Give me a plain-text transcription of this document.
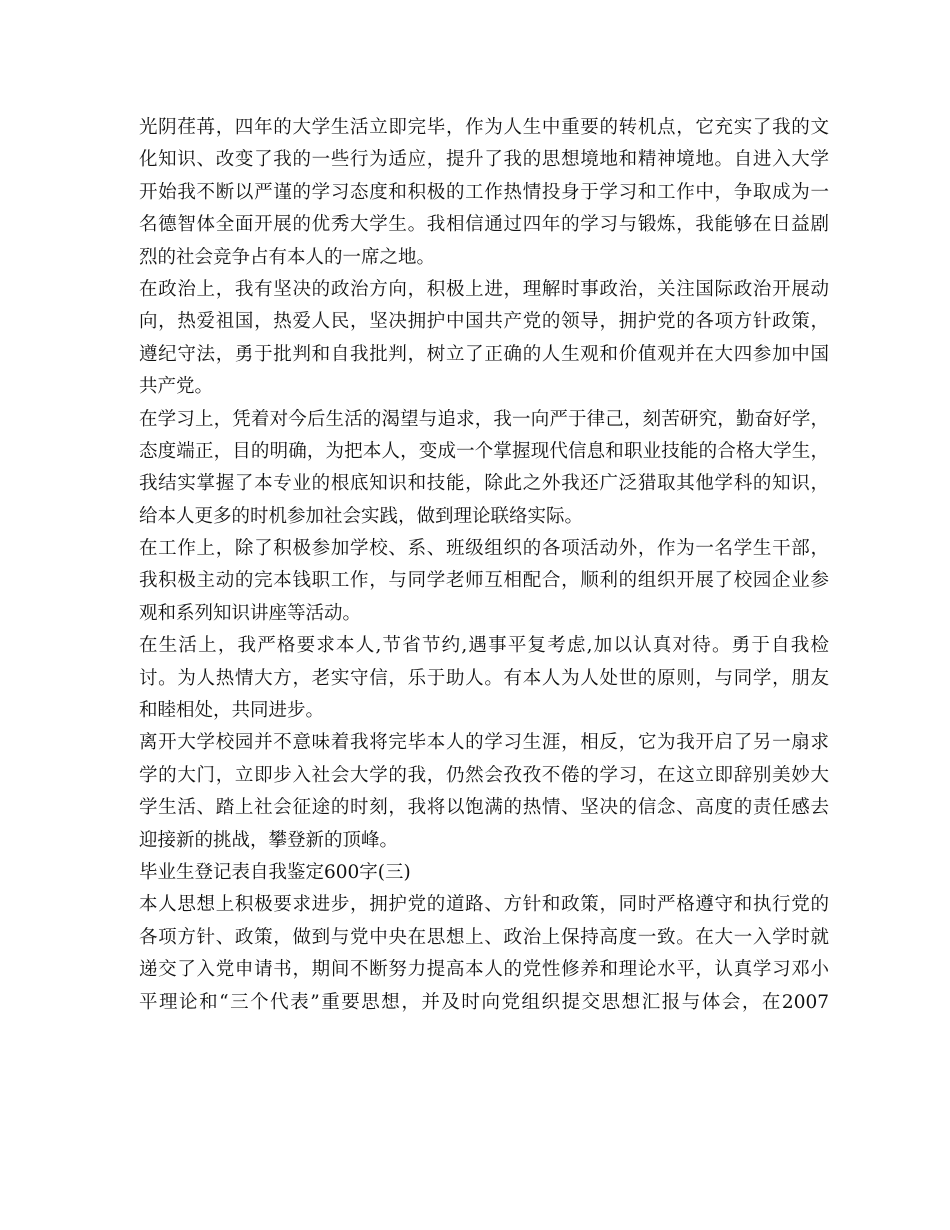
光阴荏苒，四年的大学生活立即完毕，作为人生中重要的转机点，它充实了我的文

化知识、改变了我的一些行为适应，提升了我的思想境地和精神境地。自进入大学

开始我不断以严谨的学习态度和积极的工作热情投身于学习和工作中，争取成为一

名德智体全面开展的优秀大学生。我相信通过四年的学习与锻炼，我能够在日益剧

烈的社会竞争占有本人的一席之地。

在政治上，我有坚决的政治方向，积极上进，理解时事政治，关注国际政治开展动

向，热爱祖国，热爱人民，坚决拥护中国共产党的领导，拥护党的各项方针政策，

遵纪守法，勇于批判和自我批判，树立了正确的人生观和价值观并在大四参加中国

共产党。

在学习上，凭着对今后生活的渴望与追求，我一向严于律己，刻苦研究，勤奋好学，

态度端正，目的明确，为把本人，变成一个掌握现代信息和职业技能的合格大学生，

我结实掌握了本专业的根底知识和技能，除此之外我还广泛猎取其他学科的知识，

给本人更多的时机参加社会实践，做到理论联络实际。

在工作上，除了积极参加学校、系、班级组织的各项活动外，作为一名学生干部，

我积极主动的完本钱职工作，与同学老师互相配合，顺利的组织开展了校园企业参

观和系列知识讲座等活动。

在生活上，我严格要求本人,节省节约,遇事平复考虑,加以认真对待。勇于自我检

讨。为人热情大方，老实守信，乐于助人。有本人为人处世的原则，与同学，朋友

和睦相处，共同进步。

离开大学校园并不意味着我将完毕本人的学习生涯，相反，它为我开启了另一扇求

学的大门，立即步入社会大学的我，仍然会孜孜不倦的学习，在这立即辞别美妙大

学生活、踏上社会征途的时刻，我将以饱满的热情、坚决的信念、高度的责任感去

迎接新的挑战，攀登新的顶峰。

毕业生登记表自我鉴定600字(三)

本人思想上积极要求进步，拥护党的道路、方针和政策，同时严格遵守和执行党的

各项方针、政策，做到与党中央在思想上、政治上保持高度一致。在大一入学时就

递交了入党申请书，期间不断努力提高本人的党性修养和理论水平，认真学习邓小

平理论和“三个代表”重要思想，并及时向党组织提交思想汇报与体会，在2007
